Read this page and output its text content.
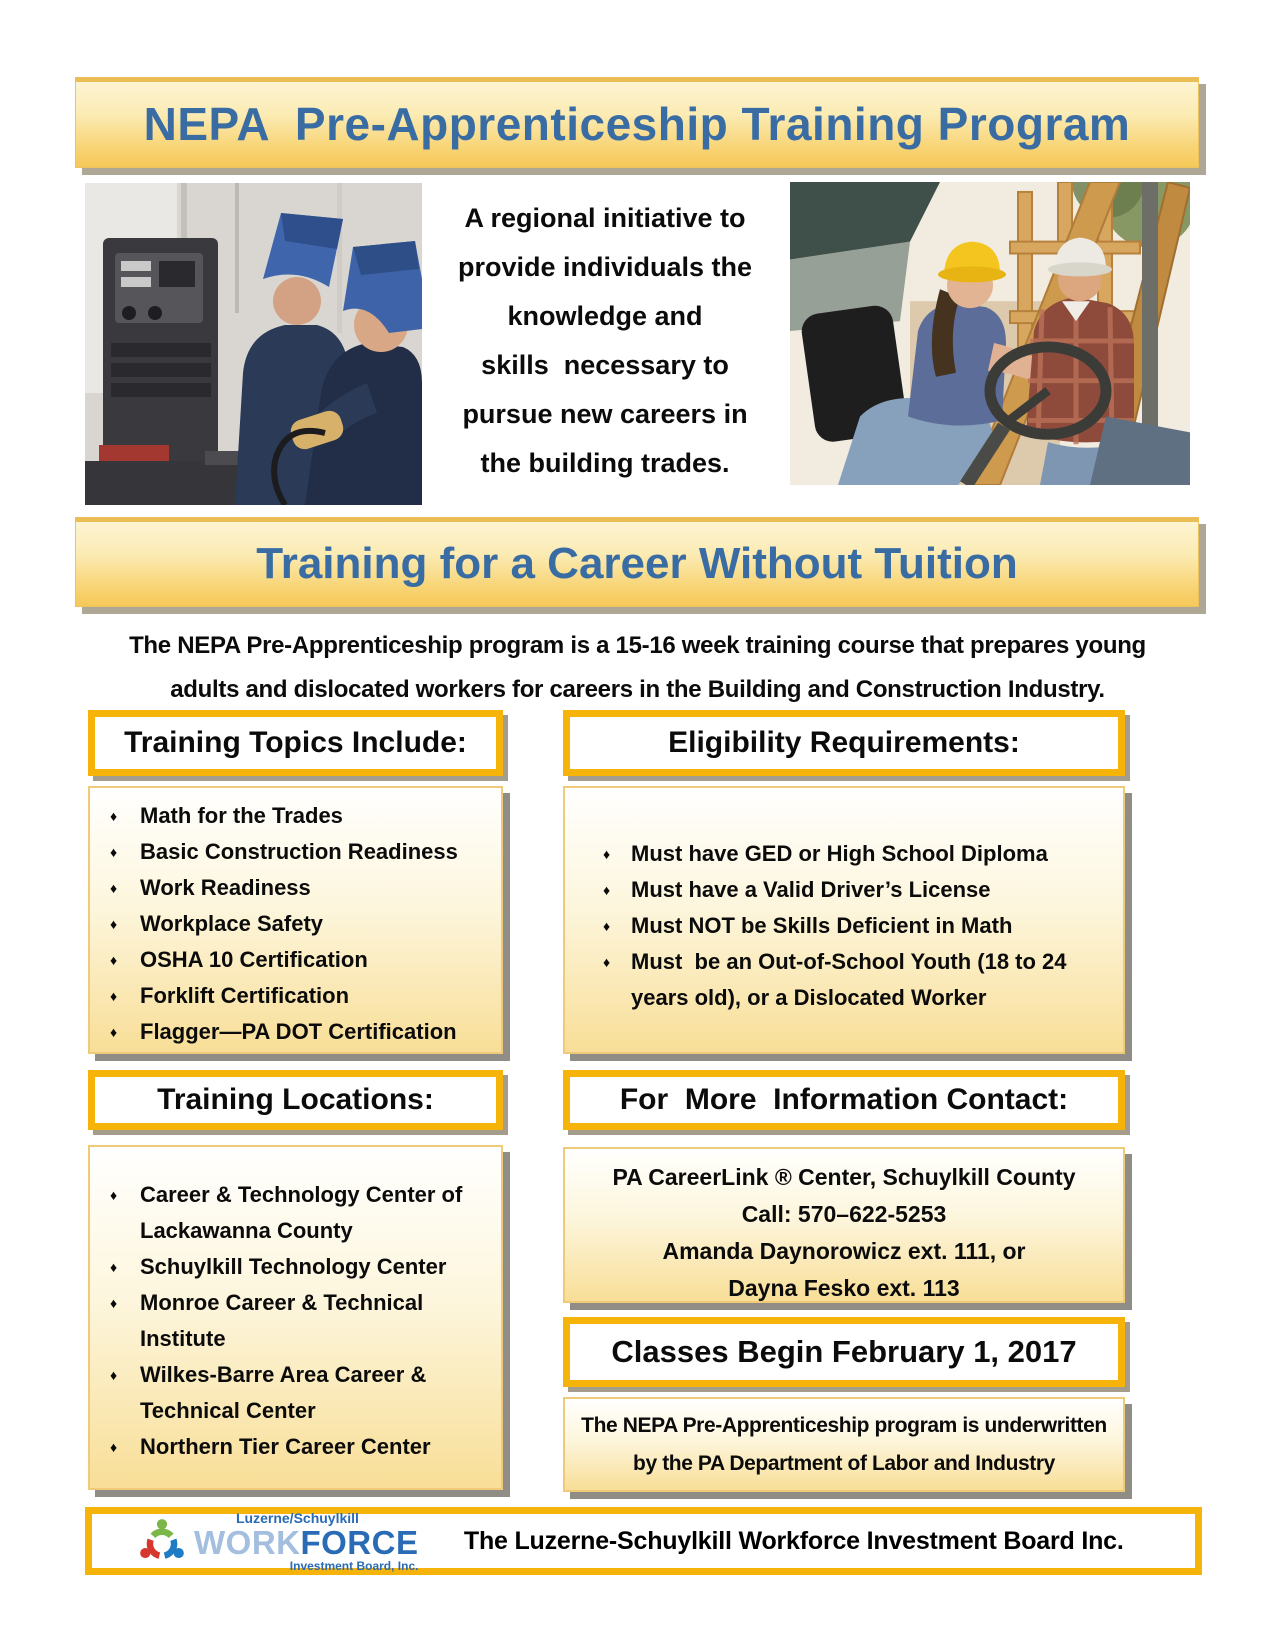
NEPA  Pre-Apprenticeship Training Program
A regional initiative to
provide individuals the
knowledge and
skills  necessary to
pursue new careers in
the building trades.
Training for a Career Without Tuition
The NEPA Pre-Apprenticeship program is a 15-16 week training course that prepares young
adults and dislocated workers for careers in the Building and Construction Industry.
Training Topics Include:	Eligibility Requirements:
♦	Math for the Trades
♦	Basic Construction Readiness
♦	Work Readiness
♦	Workplace Safety
♦	OSHA 10 Certification
♦	Forklift Certification
♦	Flagger—PA DOT Certification
♦ Must have GED or High School Diploma
♦ Must have a Valid Driver’s License
♦ Must NOT be Skills Deficient in Math
♦ Must  be an Out-of-School Youth (18 to 24 years old), or a Dislocated Worker
Training Locations:	For  More  Information Contact:
♦	Career & Technology Center of Lackawanna County
♦	Schuylkill Technology Center
♦	Monroe Career & Technical Institute
♦	Wilkes-Barre Area Career & Technical Center
♦	Northern Tier Career Center
PA CareerLink ® Center, Schuylkill County
Call: 570–622-5253
Amanda Daynorowicz ext. 111, or
Dayna Fesko ext. 113
Classes Begin February 1, 2017
The NEPA Pre-Apprenticeship program is underwritten
by the PA Department of Labor and Industry
Luzerne/Schuylkill
WORKFORCE
Investment Board, Inc.
The Luzerne-Schuylkill Workforce Investment Board Inc.
